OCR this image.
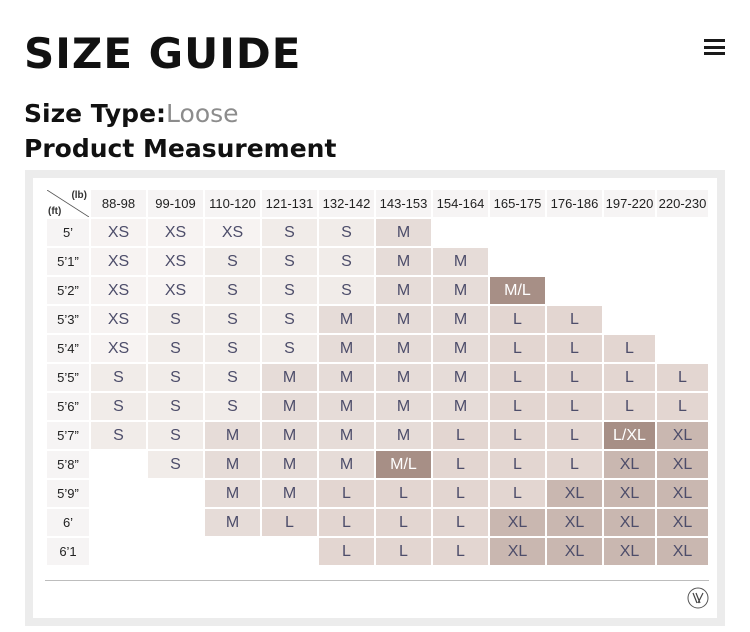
SIZE GUIDE
Size Type:Loose
Product Measurement
(lb)
(ft)	88-98	99-109	110-120	121-131	132-142	143-153	154-164	165-175	176-186	197-220	220-230
5’	XS	XS	XS	S	S	M					
5’1”	XS	XS	S	S	S	M	M				
5’2”	XS	XS	S	S	S	M	M	M/L			
5’3”	XS	S	S	S	M	M	M	L	L		
5’4”	XS	S	S	S	M	M	M	L	L	L	
5’5”	S	S	S	M	M	M	M	L	L	L	L
5’6”	S	S	S	M	M	M	M	L	L	L	L
5’7”	S	S	M	M	M	M	L	L	L	L/XL	XL
5’8”		S	M	M	M	M/L	L	L	L	XL	XL
5’9”			M	M	L	L	L	L	XL	XL	XL
6’			M	L	L	L	L	XL	XL	XL	XL
6’1					L	L	L	XL	XL	XL	XL
